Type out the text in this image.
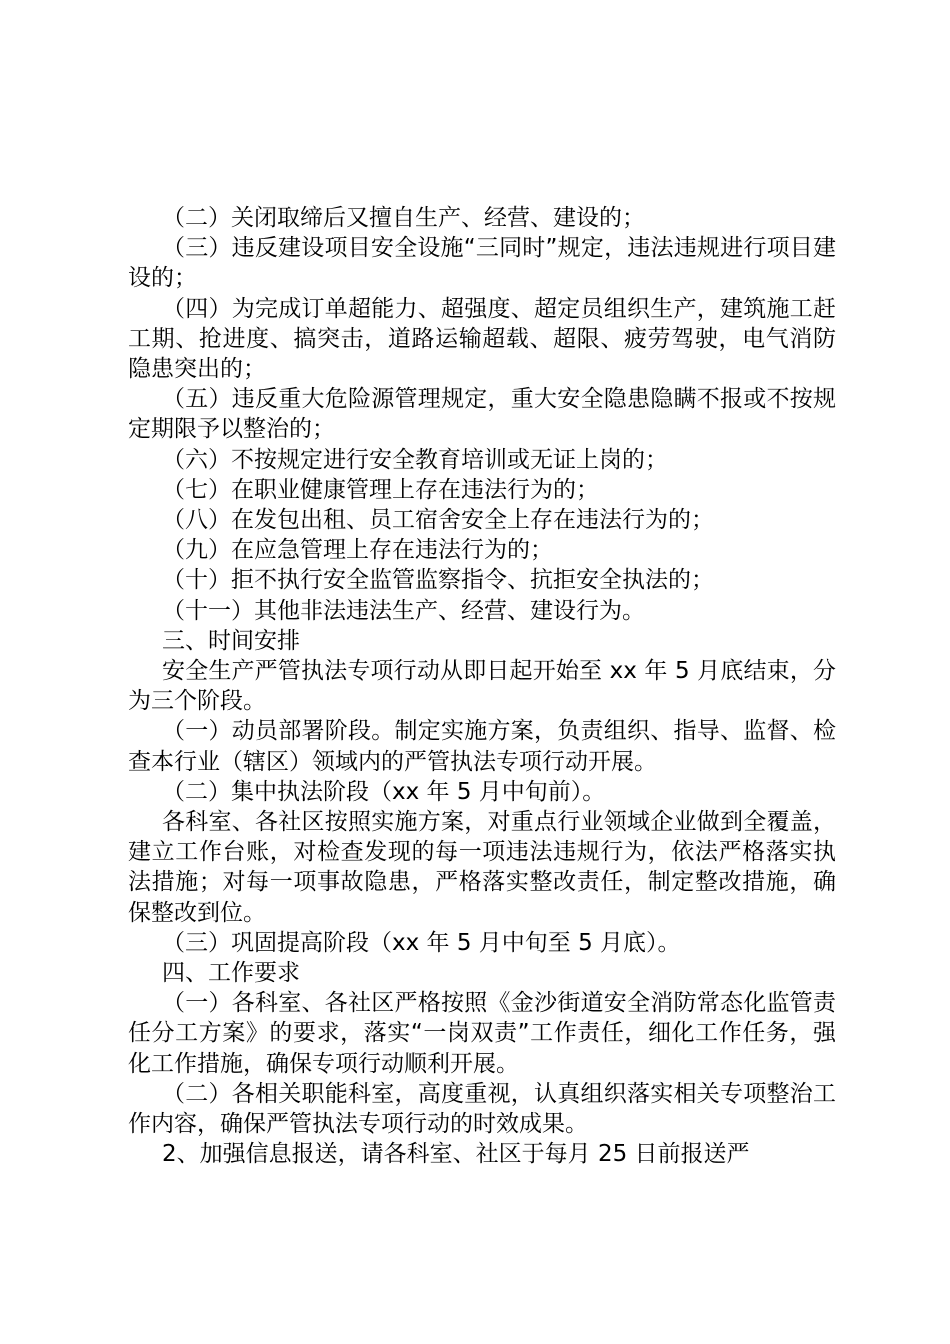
（二）关闭取缔后又擅自生产、经营、建设的；

（三）违反建设项目安全设施“三同时”规定，违法违规进行项目建设的；

（四）为完成订单超能力、超强度、超定员组织生产，建筑施工赶工期、抢进度、搞突击，道路运输超载、超限、疲劳驾驶，电气消防隐患突出的；

（五）违反重大危险源管理规定，重大安全隐患隐瞒不报或不按规定期限予以整治的；

（六）不按规定进行安全教育培训或无证上岗的；

（七）在职业健康管理上存在违法行为的；

（八）在发包出租、员工宿舍安全上存在违法行为的；

（九）在应急管理上存在违法行为的；

（十）拒不执行安全监管监察指令、抗拒安全执法的；

（十一）其他非法违法生产、经营、建设行为。

三、时间安排

安全生产严管执法专项行动从即日起开始至 xx 年 5 月底结束，分为三个阶段。

（一）动员部署阶段。制定实施方案，负责组织、指导、监督、检查本行业（辖区）领域内的严管执法专项行动开展。

（二）集中执法阶段（xx 年 5 月中旬前）。

各科室、各社区按照实施方案，对重点行业领域企业做到全覆盖，建立工作台账，对检查发现的每一项违法违规行为，依法严格落实执法措施；对每一项事故隐患，严格落实整改责任，制定整改措施，确保整改到位。

（三）巩固提高阶段（xx 年 5 月中旬至 5 月底）。

四、工作要求

（一）各科室、各社区严格按照《金沙街道安全消防常态化监管责任分工方案》的要求，落实“一岗双责”工作责任，细化工作任务，强化工作措施，确保专项行动顺利开展。

（二）各相关职能科室，高度重视，认真组织落实相关专项整治工作内容，确保严管执法专项行动的时效成果。

2、加强信息报送，请各科室、社区于每月 25 日前报送严
